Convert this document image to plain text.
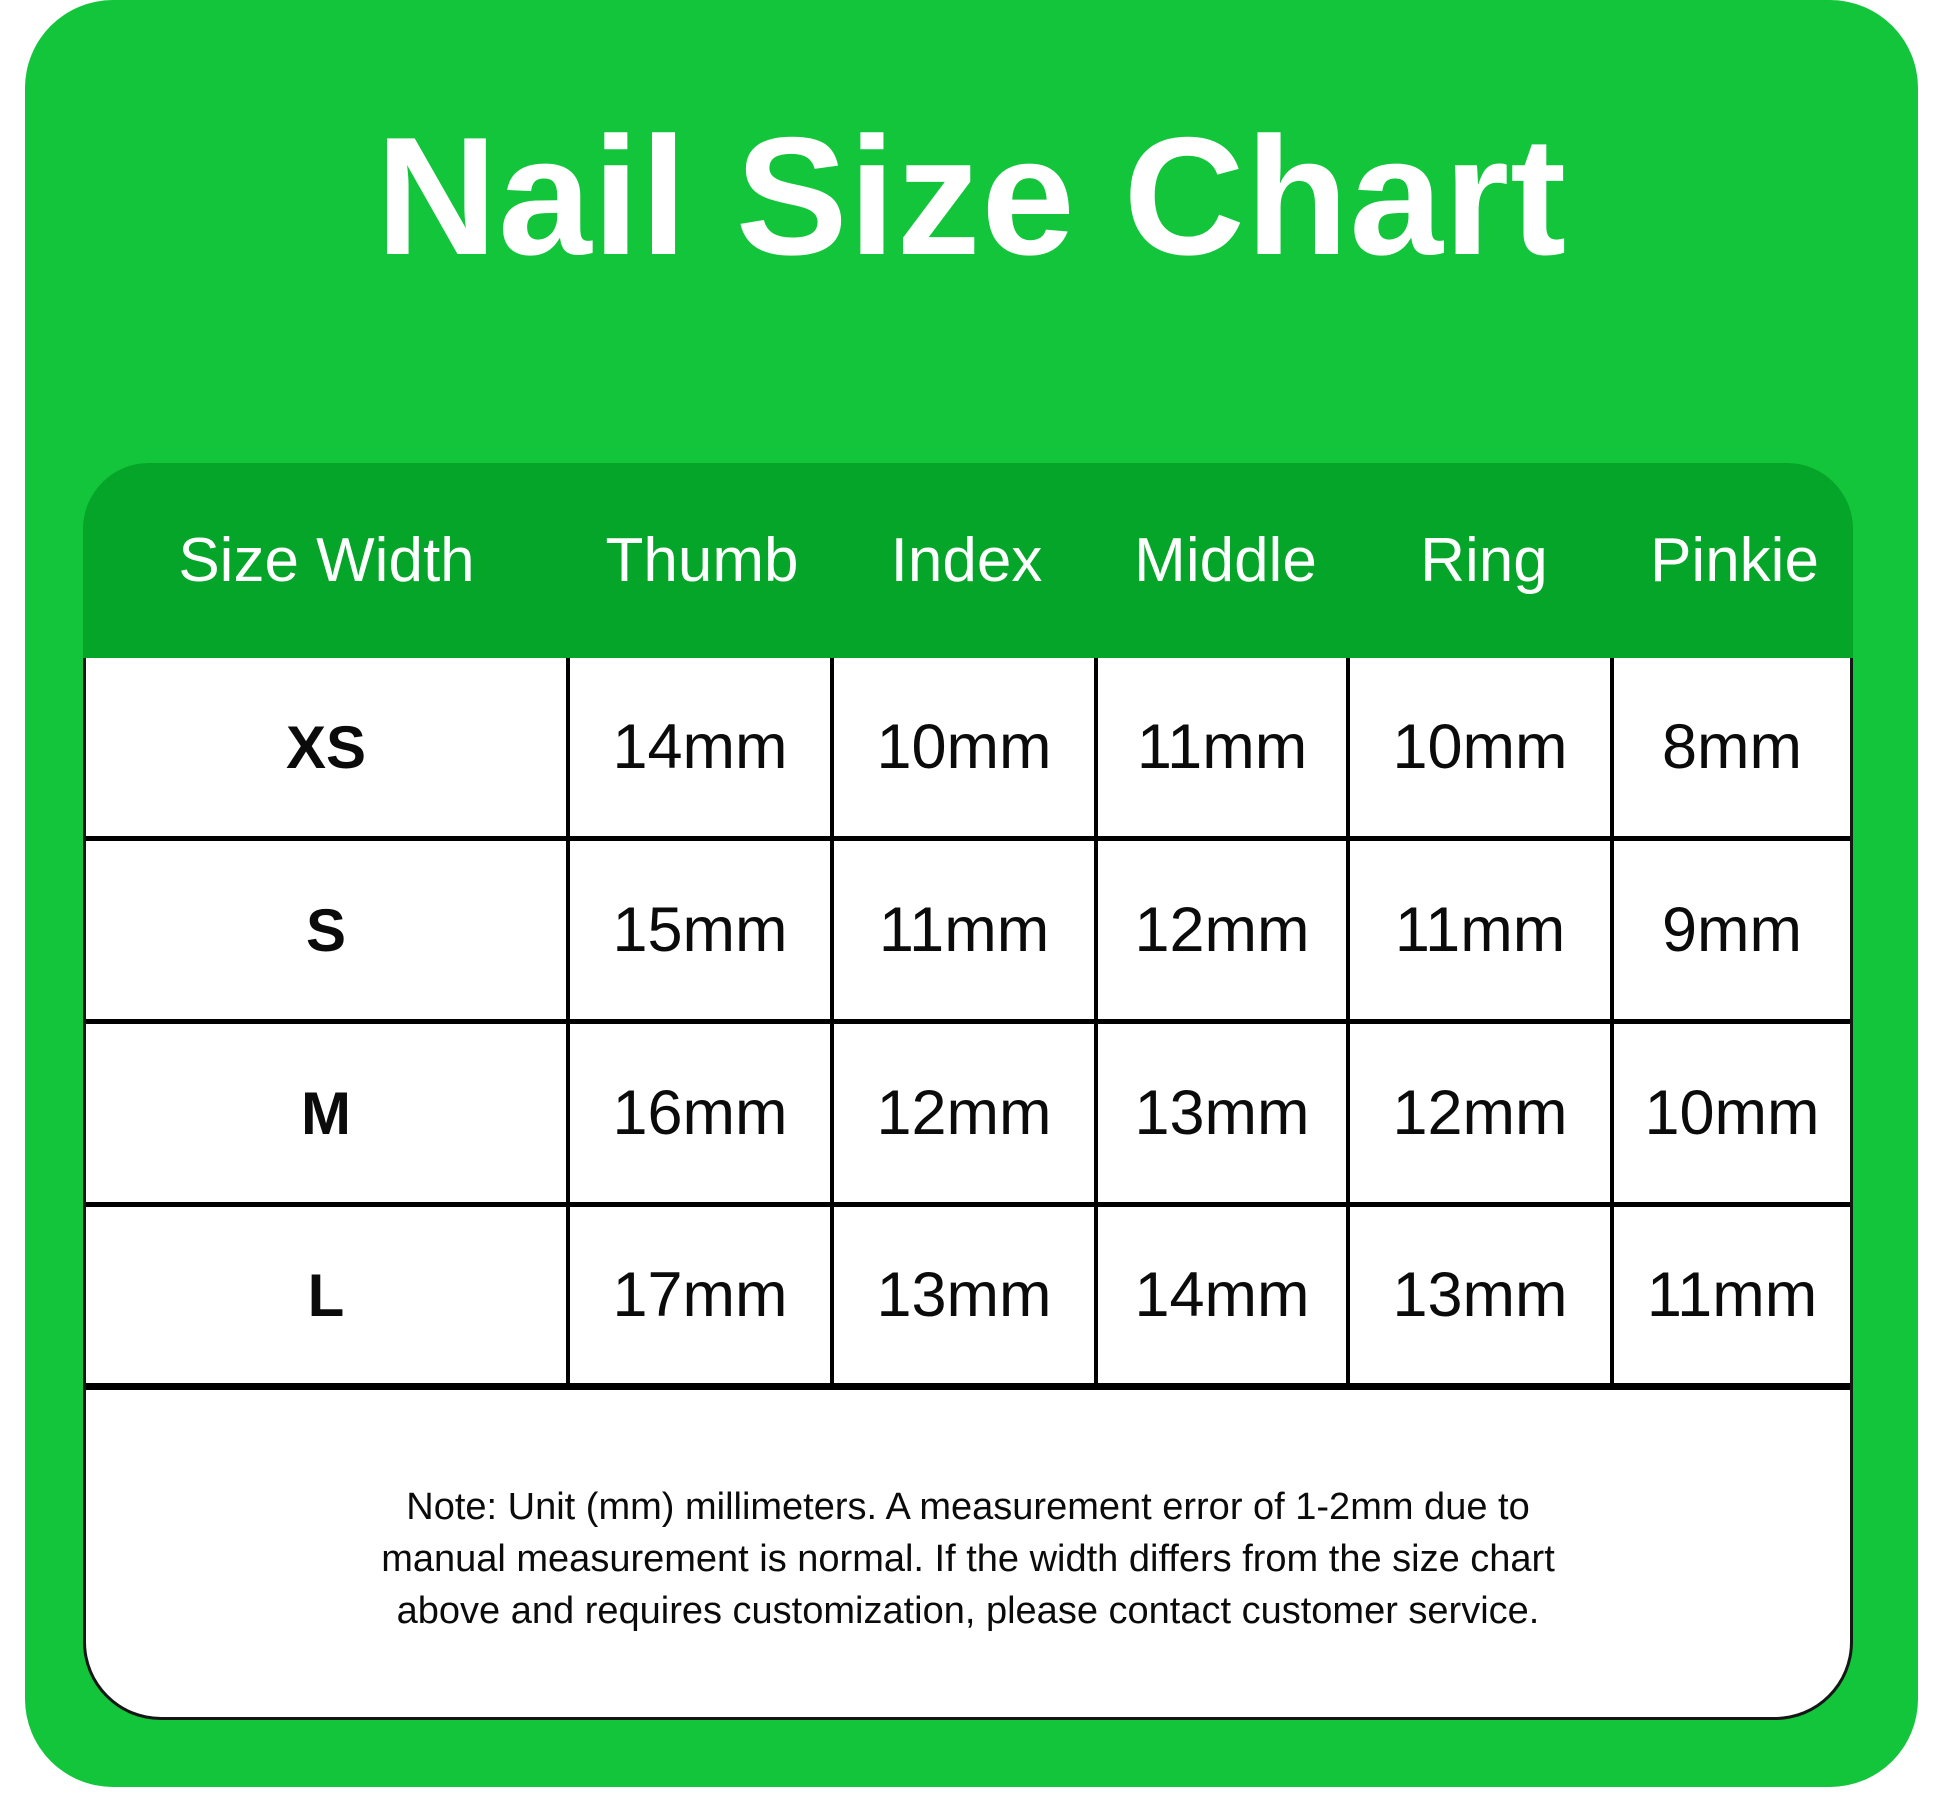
Nail Size Chart
Size Width	Thumb	Index	Middle	Ring	Pinkie
XS	14mm	10mm	11mm	10mm	8mm
S	15mm	11mm	12mm	11mm	9mm
M	16mm	12mm	13mm	12mm	10mm
L	17mm	13mm	14mm	13mm	11mm
Note: Unit (mm) millimeters. A measurement error of 1-2mm due to
manual measurement is normal. If the width differs from the size chart
above and requires customization, please contact customer service.
